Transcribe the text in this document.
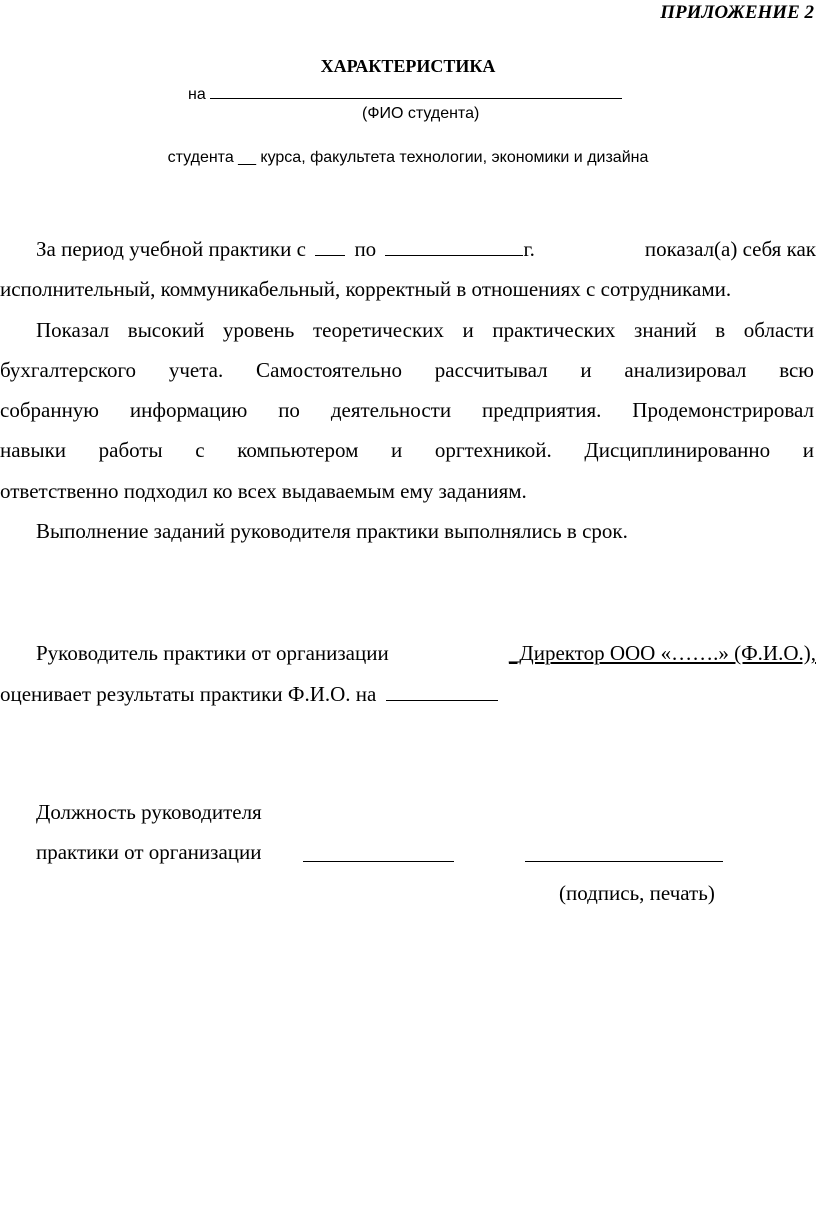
ПРИЛОЖЕНИЕ 2
ХАРАКТЕРИСТИКА
на
(ФИО студента)
студента __ курса, факультета технологии, экономики и дизайна
За период учебной практики с по	г.	показал(а) себя как
исполнительный, коммуникабельный, корректный в отношениях с сотрудниками.
Показал высокий уровень теоретических и практических знаний в области
бухгалтерского учета. Самостоятельно рассчитывал и анализировал всю
собранную информацию по деятельности предприятия. Продемонстрировал
навыки работы с компьютером и оргтехникой. Дисциплинированно и
ответственно подходил ко всех выдаваемым ему заданиям.
Выполнение заданий руководителя практики выполнялись в срок.
Руководитель практики от организации	_Директор ООО «…….» (Ф.И.О.),
оценивает результаты практики Ф.И.О. на
Должность руководителя
практики от организации
(подпись, печать)
